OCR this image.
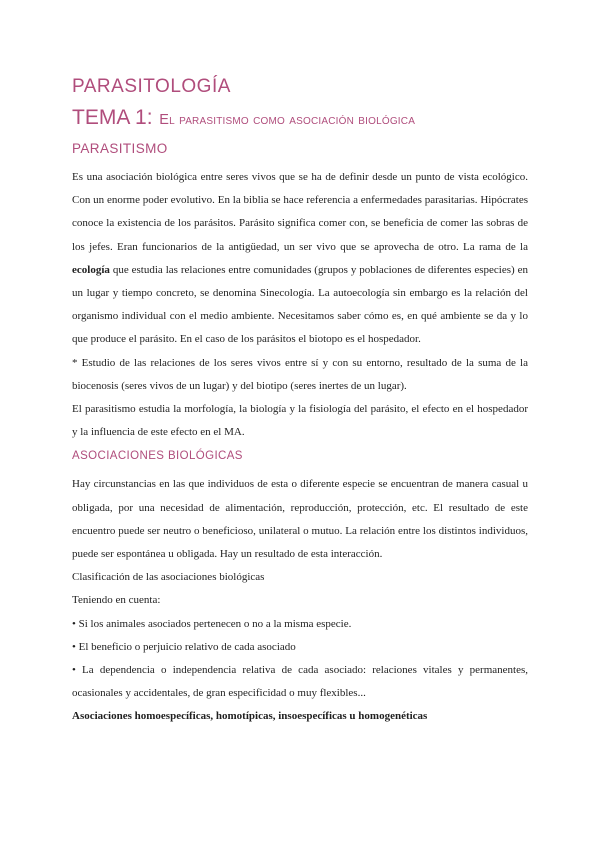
PARASITOLOGÍA
TEMA 1: El parasitismo como asociación biológica
PARASITISMO

Es una asociación biológica entre seres vivos que se ha de definir desde un punto de vista ecológico. Con un enorme poder evolutivo. En la biblia se hace referencia a enfermedades parasitarias. Hipócrates conoce la existencia de los parásitos. Parásito significa comer con, se beneficia de comer las sobras de los jefes. Eran funcionarios de la antigüedad, un ser vivo que se aprovecha de otro. La rama de la ecología que estudia las relaciones entre comunidades (grupos y poblaciones de diferentes especies) en un lugar y tiempo concreto, se denomina Sinecología. La autoecología sin embargo es la relación del organismo individual con el medio ambiente. Necesitamos saber cómo es, en qué ambiente se da y lo que produce el parásito. En el caso de los parásitos el biotopo es el hospedador.

* Estudio de las relaciones de los seres vivos entre sí y con su entorno, resultado de la suma de la biocenosis (seres vivos de un lugar) y del biotipo (seres inertes de un lugar).

El parasitismo estudia la morfología, la biología y la fisiología del parásito, el efecto en el hospedador y la influencia de este efecto en el MA.

ASOCIACIONES BIOLÓGICAS

Hay circunstancias en las que individuos de esta o diferente especie se encuentran de manera casual u obligada, por una necesidad de alimentación, reproducción, protección, etc. El resultado de este encuentro puede ser neutro o beneficioso, unilateral o mutuo. La relación entre los distintos individuos, puede ser espontánea u obligada. Hay un resultado de esta interacción.

Clasificación de las asociaciones biológicas

Teniendo en cuenta:

• Si los animales asociados pertenecen o no a la misma especie.

• El beneficio o perjuicio relativo de cada asociado

• La dependencia o independencia relativa de cada asociado: relaciones vitales y permanentes, ocasionales y accidentales, de gran especificidad o muy flexibles...

Asociaciones homoespecíficas, homotípicas, insoespecíficas u homogenéticas
